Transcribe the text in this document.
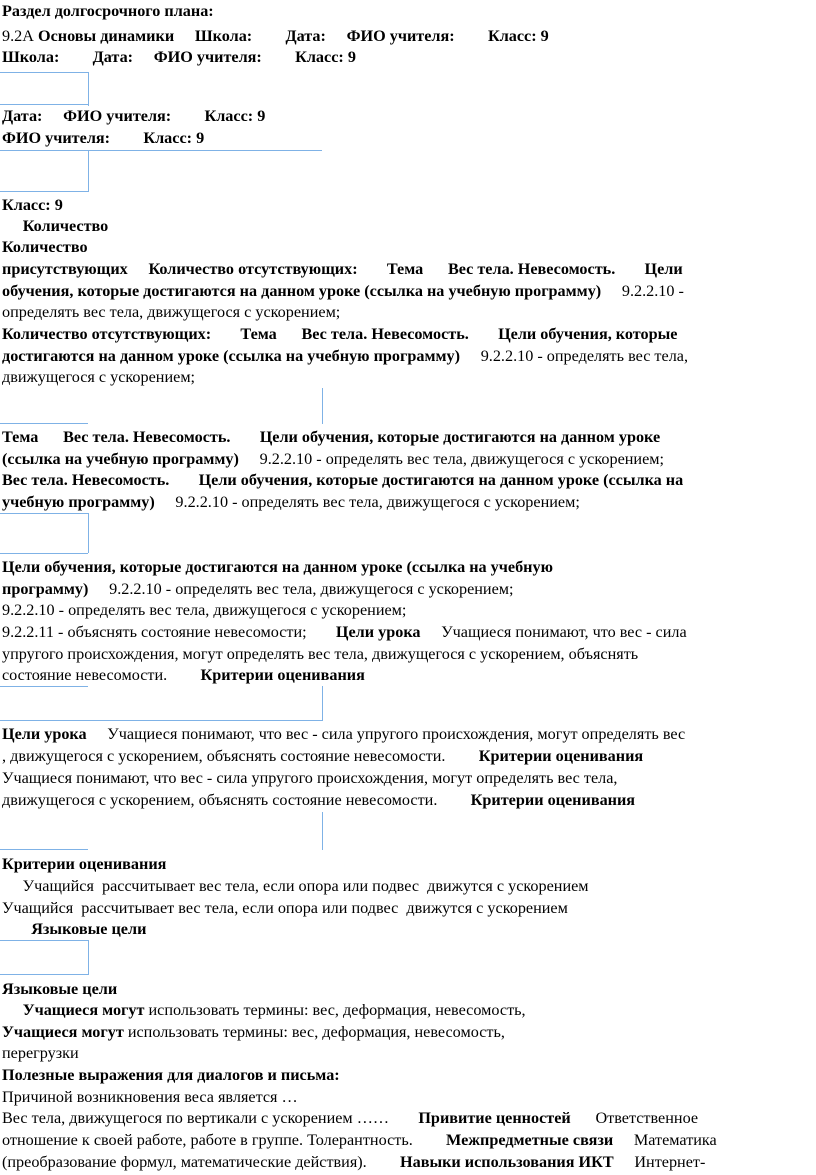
Раздел долгосрочного плана:
9.2А Основы динамики   Школа:    Дата:   ФИО учителя:    Класс: 9
Школа:    Дата:   ФИО учителя:    Класс: 9
Дата:   ФИО учителя:    Класс: 9
ФИО учителя:    Класс: 9
Класс: 9
Количество
Количество
присутствующих   Количество отсутствующих:   Тема    Вес тела. Невесомость.   Цели
обучения, которые достигаются на данном уроке (ссылка на учебную программу)   9.2.2.10 -
определять вес тела, движущегося с ускорением;
Количество отсутствующих:   Тема    Вес тела. Невесомость.   Цели обучения, которые
достигаются на данном уроке (ссылка на учебную программу)   9.2.2.10 - определять вес тела,
движущегося с ускорением;
Тема    Вес тела. Невесомость.   Цели обучения, которые достигаются на данном уроке
(ссылка на учебную программу)   9.2.2.10 - определять вес тела, движущегося с ускорением;
Вес тела. Невесомость.   Цели обучения, которые достигаются на данном уроке (ссылка на
учебную программу)   9.2.2.10 - определять вес тела, движущегося с ускорением;
Цели обучения, которые достигаются на данном уроке (ссылка на учебную
программу)   9.2.2.10 - определять вес тела, движущегося с ускорением;
9.2.2.10 - определять вес тела, движущегося с ускорением;
9.2.2.11 - объяснять состояние невесомости;   Цели урока   Учащиеся понимают, что вес - сила
упругого происхождения, могут определять вес тела, движущегося с ускорением, объяснять
состояние невесомости.    Критерии оценивания
Цели урока   Учащиеся понимают, что вес - сила упругого происхождения, могут определять вес
, движущегося с ускорением, объяснять состояние невесомости.    Критерии оценивания
Учащиеся понимают, что вес - сила упругого происхождения, могут определять вес тела,
движущегося с ускорением, объяснять состояние невесомости.    Критерии оценивания
Критерии оценивания
Учащийся  рассчитывает вес тела, если опора или подвес  движутся с ускорением
Учащийся  рассчитывает вес тела, если опора или подвес  движутся с ускорением
Языковые цели
Языковые цели
Учащиеся могут использовать термины: вес, деформация, невесомость,
Учащиеся могут использовать термины: вес, деформация, невесомость,
перегрузки
Полезные выражения для диалогов и письма:
Причиной возникновения веса является …
Вес тела, движущегося по вертикали с ускорением ……   Привитие ценностей    Ответственное
отношение к своей работе, работе в группе. Толерантность.    Межпредметные связи   Математика
(преобразование формул, математические действия).    Навыки использования ИКТ   Интернет-
